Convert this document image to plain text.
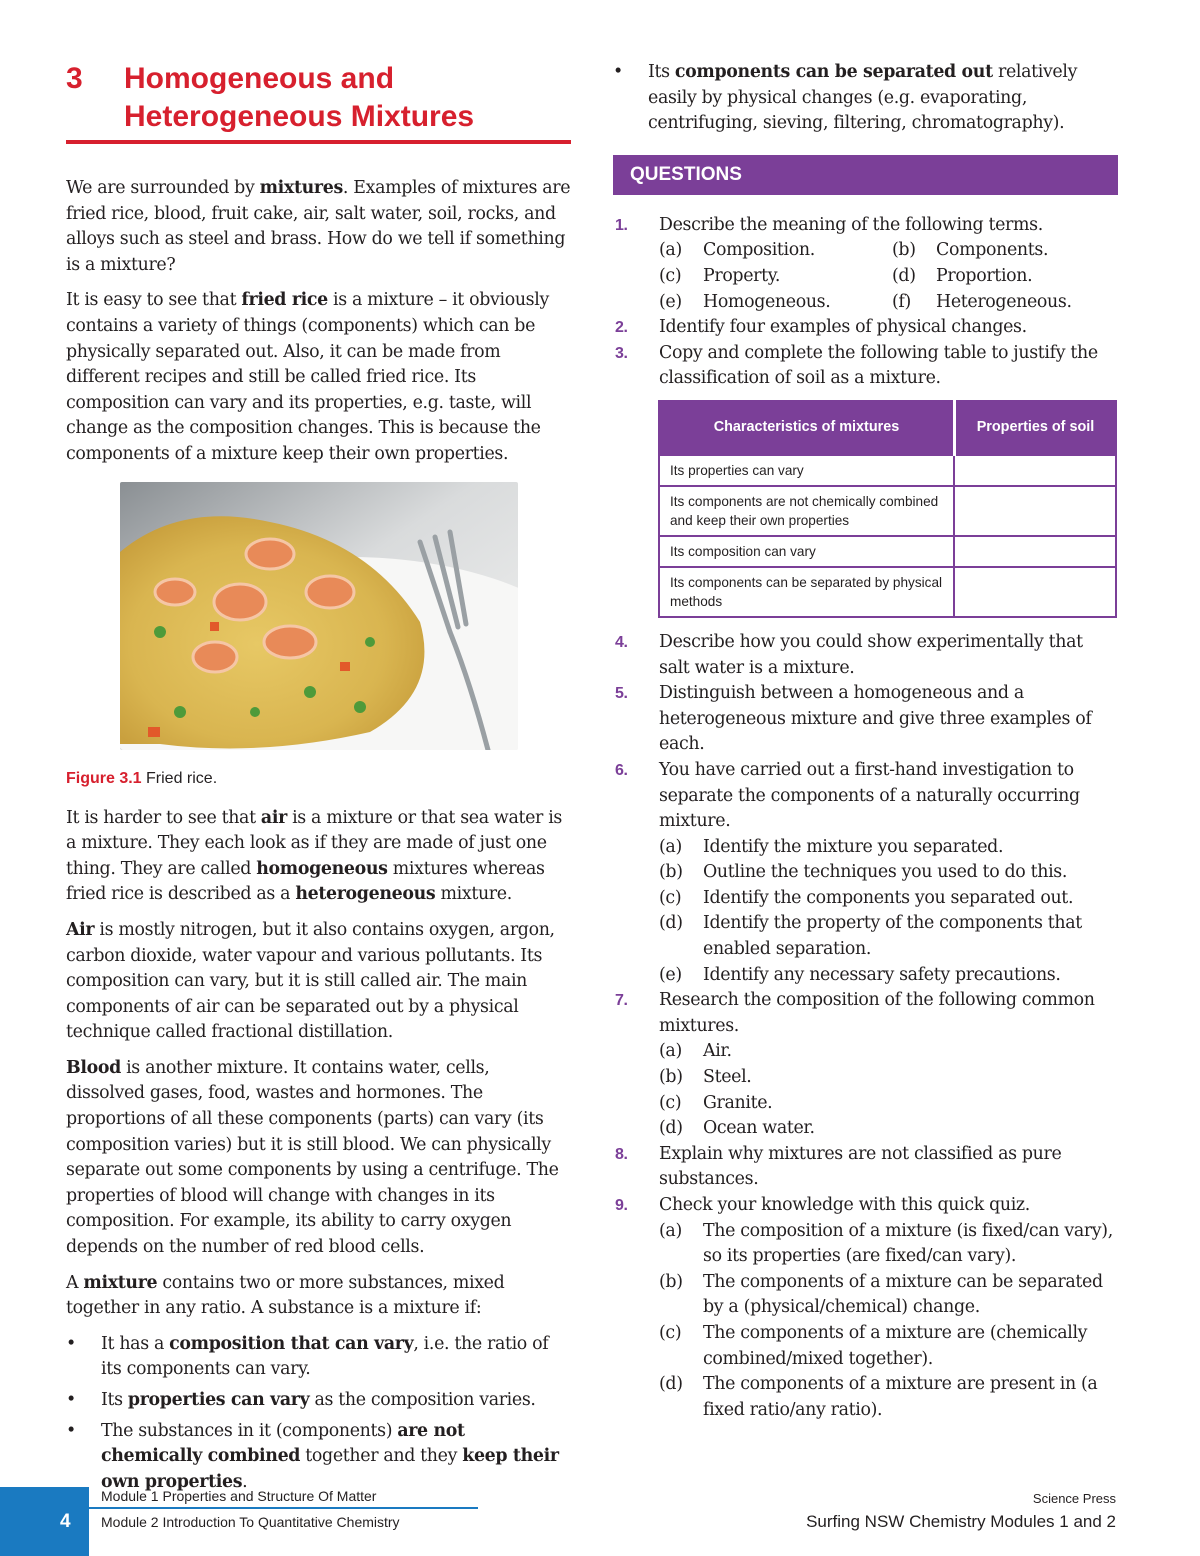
3	Homogeneous and
Heterogeneous Mixtures

We are surrounded by mixtures. Examples of mixtures are fried rice, blood, fruit cake, air, salt water, soil, rocks, and alloys such as steel and brass. How do we tell if something is a mixture?

It is easy to see that fried rice is a mixture – it obviously contains a variety of things (components) which can be physically separated out. Also, it can be made from different recipes and still be called fried rice. Its composition can vary and its properties, e.g. taste, will change as the composition changes. This is because the components of a mixture keep their own properties.

Figure 3.1 Fried rice.

It is harder to see that air is a mixture or that sea water is a mixture. They each look as if they are made of just one thing. They are called homogeneous mixtures whereas fried rice is described as a heterogeneous mixture.

Air is mostly nitrogen, but it also contains oxygen, argon, carbon dioxide, water vapour and various pollutants. Its composition can vary, but it is still called air. The main components of air can be separated out by a physical technique called fractional distillation.

Blood is another mixture. It contains water, cells, dissolved gases, food, wastes and hormones. The proportions of all these components (parts) can vary (its composition varies) but it is still blood. We can physically separate out some components by using a centrifuge. The properties of blood will change with changes in its composition. For example, its ability to carry oxygen depends on the number of red blood cells.

A mixture contains two or more substances, mixed together in any ratio. A substance is a mixture if:

• It has a composition that can vary, i.e. the ratio of its components can vary.
• Its properties can vary as the composition varies.
• The substances in it (components) are not chemically combined together and they keep their own properties.
• Its components can be separated out relatively easily by physical changes (e.g. evaporating, centrifuging, sieving, filtering, chromatography).
QUESTIONS
1. Describe the meaning of the following terms.
(a) Composition.	(b) Components.
(c) Property.	(d) Proportion.
(e) Homogeneous.	(f) Heterogeneous.
2. Identify four examples of physical changes.
3. Copy and complete the following table to justify the classification of soil as a mixture.
Characteristics of mixtures	Properties of soil
Its properties can vary	
Its components are not chemically combined and keep their own properties	
Its composition can vary	
Its components can be separated by physical methods	
4. Describe how you could show experimentally that salt water is a mixture.
5. Distinguish between a homogeneous and a heterogeneous mixture and give three examples of each.
6. You have carried out a first-hand investigation to separate the components of a naturally occurring mixture.
(a) Identify the mixture you separated.
(b) Outline the techniques you used to do this.
(c) Identify the components you separated out.
(d) Identify the property of the components that enabled separation.
(e) Identify any necessary safety precautions.
7. Research the composition of the following common mixtures.
(a) Air.
(b) Steel.
(c) Granite.
(d) Ocean water.
8. Explain why mixtures are not classified as pure substances.
9. Check your knowledge with this quick quiz.
(a) The composition of a mixture (is fixed/can vary), so its properties (are fixed/can vary).
(b) The components of a mixture can be separated by a (physical/chemical) change.
(c) The components of a mixture are (chemically combined/mixed together).
(d) The components of a mixture are present in (a fixed ratio/any ratio).
4
Module 1 Properties and Structure Of Matter
Module 2 Introduction To Quantitative Chemistry
Science Press
Surfing NSW Chemistry Modules 1 and 2
